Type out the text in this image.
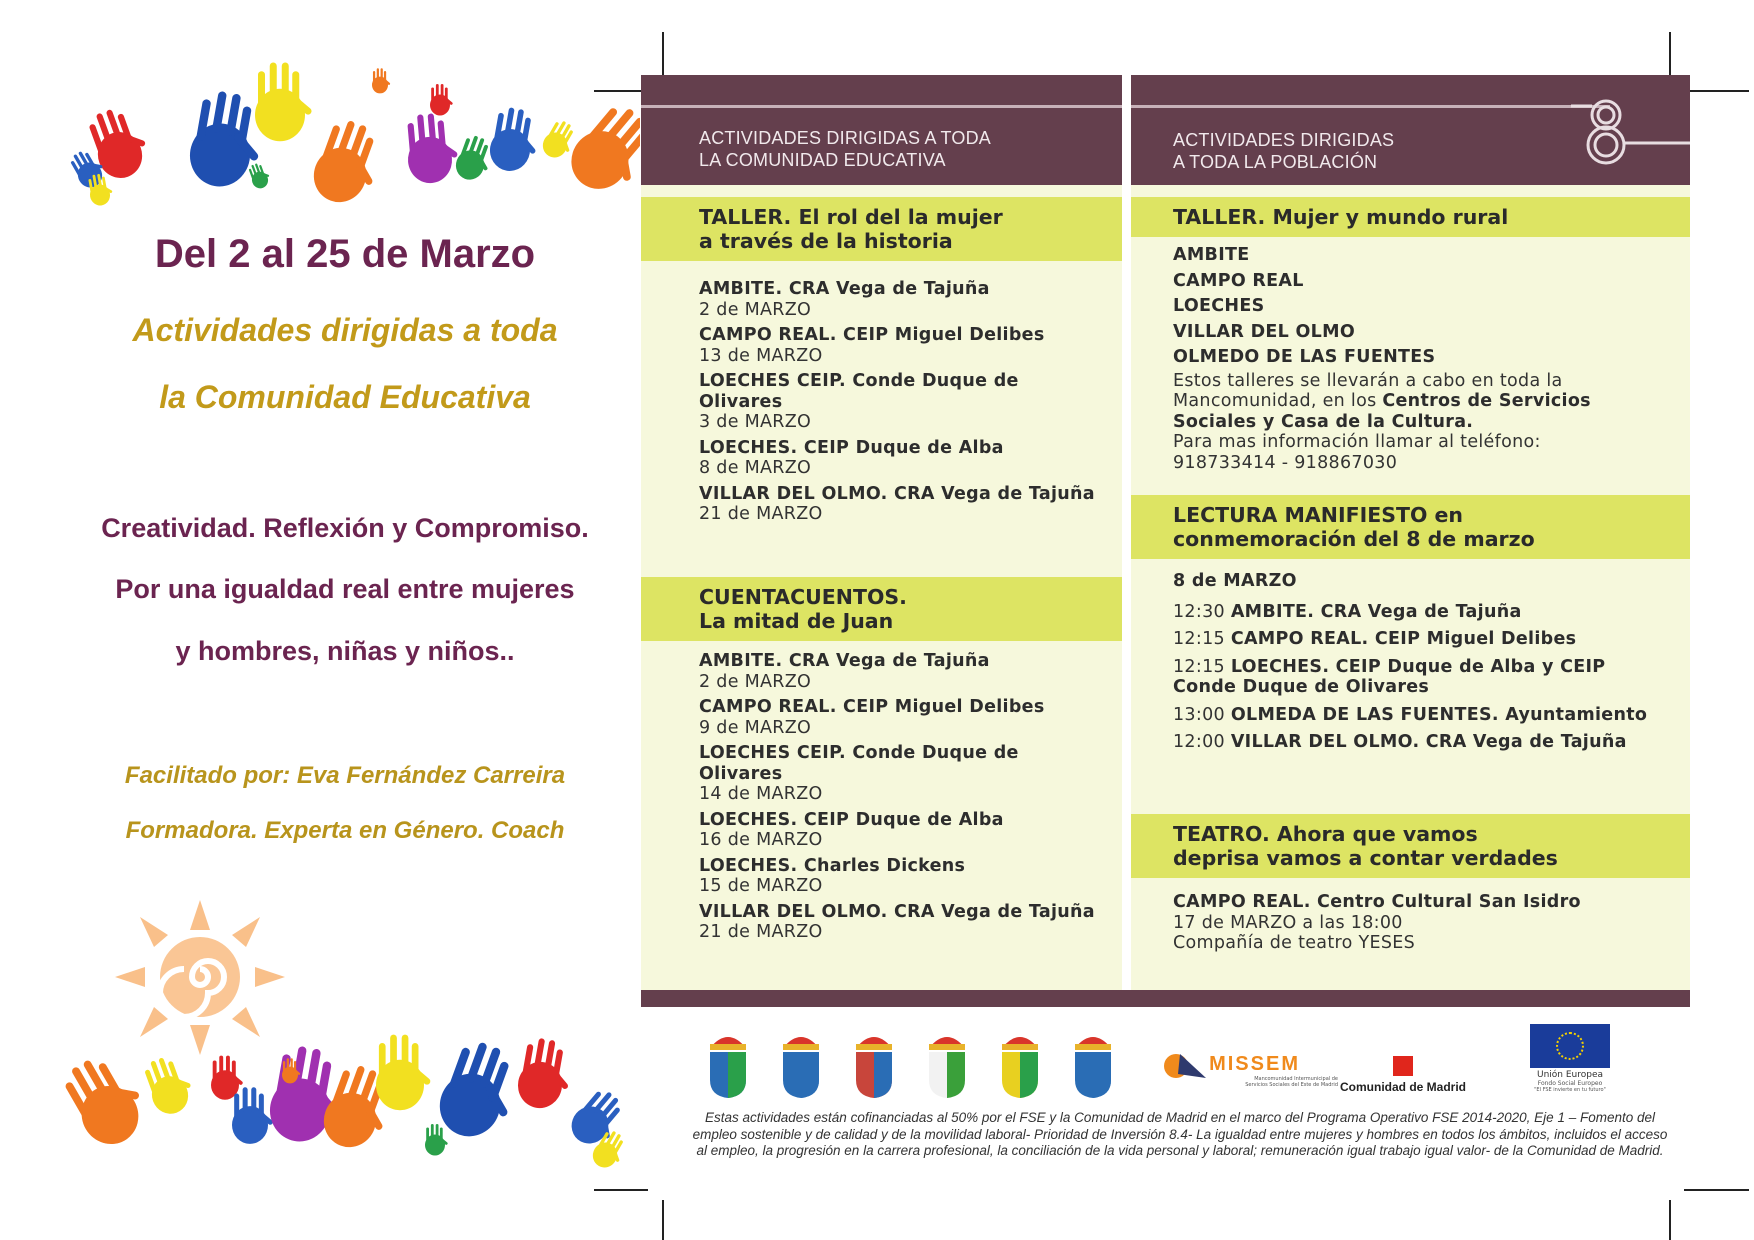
Del 2 al 25 de Marzo
Actividades dirigidas a toda
la Comunidad Educativa
Creatividad. Reflexión y Compromiso.
Por una igualdad real entre mujeres
y hombres, niñas y niños..
Facilitado por: Eva Fernández Carreira
Formadora. Experta en Género. Coach
ACTIVIDADES DIRIGIDAS A TODA
LA COMUNIDAD EDUCATIVA
ACTIVIDADES DIRIGIDAS
A TODA LA POBLACIÓN
TALLER. El rol del la mujer
a través de la historia
AMBITE. CRA Vega de Tajuña
2 de MARZO
CAMPO REAL. CEIP Miguel Delibes
13 de MARZO
LOECHES CEIP. Conde Duque de Olivares
3 de MARZO
LOECHES. CEIP Duque de Alba
8 de MARZO
VILLAR DEL OLMO. CRA Vega de Tajuña
21 de MARZO
CUENTACUENTOS.
La mitad de Juan
AMBITE. CRA Vega de Tajuña
2 de MARZO
CAMPO REAL. CEIP Miguel Delibes
9 de MARZO
LOECHES CEIP. Conde Duque de Olivares
14 de MARZO
LOECHES. CEIP Duque de Alba
16 de MARZO
LOECHES. Charles Dickens
15 de MARZO
VILLAR DEL OLMO. CRA Vega de Tajuña
21 de MARZO
TALLER. Mujer y mundo rural
AMBITE
CAMPO REAL
LOECHES
VILLAR DEL OLMO
OLMEDO DE LAS FUENTES
Estos talleres se llevarán a cabo en toda la Mancomunidad, en los Centros de Servicios Sociales y Casa de la Cultura.
Para mas información llamar al teléfono:
918733414 - 918867030
LECTURA MANIFIESTO en
conmemoración del 8 de marzo
8 de MARZO
12:30 AMBITE. CRA Vega de Tajuña
12:15 CAMPO REAL. CEIP Miguel Delibes
12:15 LOECHES. CEIP Duque de Alba y CEIP Conde Duque de Olivares
13:00 OLMEDA DE LAS FUENTES. Ayuntamiento
12:00 VILLAR DEL OLMO. CRA Vega de Tajuña
TEATRO. Ahora que vamos
deprisa vamos a contar verdades
CAMPO REAL. Centro Cultural San Isidro
17 de MARZO a las 18:00
Compañía de teatro YESES
MISSEM
Mancomunidad Intermunicipal de Servicios Sociales del Este de Madrid Comunidad de Madrid
Unión Europea
Fondo Social Europeo
"El FSE invierte en tu futuro"
Estas actividades están cofinanciadas al 50% por el FSE y la Comunidad de Madrid en el marco del Programa Operativo FSE 2014-2020, Eje 1 – Fomento del empleo sostenible y de calidad y de la movilidad laboral- Prioridad de Inversión 8.4- La igualdad entre mujeres y hombres en todos los ámbitos, incluidos el acceso al empleo, la progresión en la carrera profesional, la conciliación de la vida personal y laboral; remuneración igual trabajo igual valor- de la Comunidad de Madrid.
